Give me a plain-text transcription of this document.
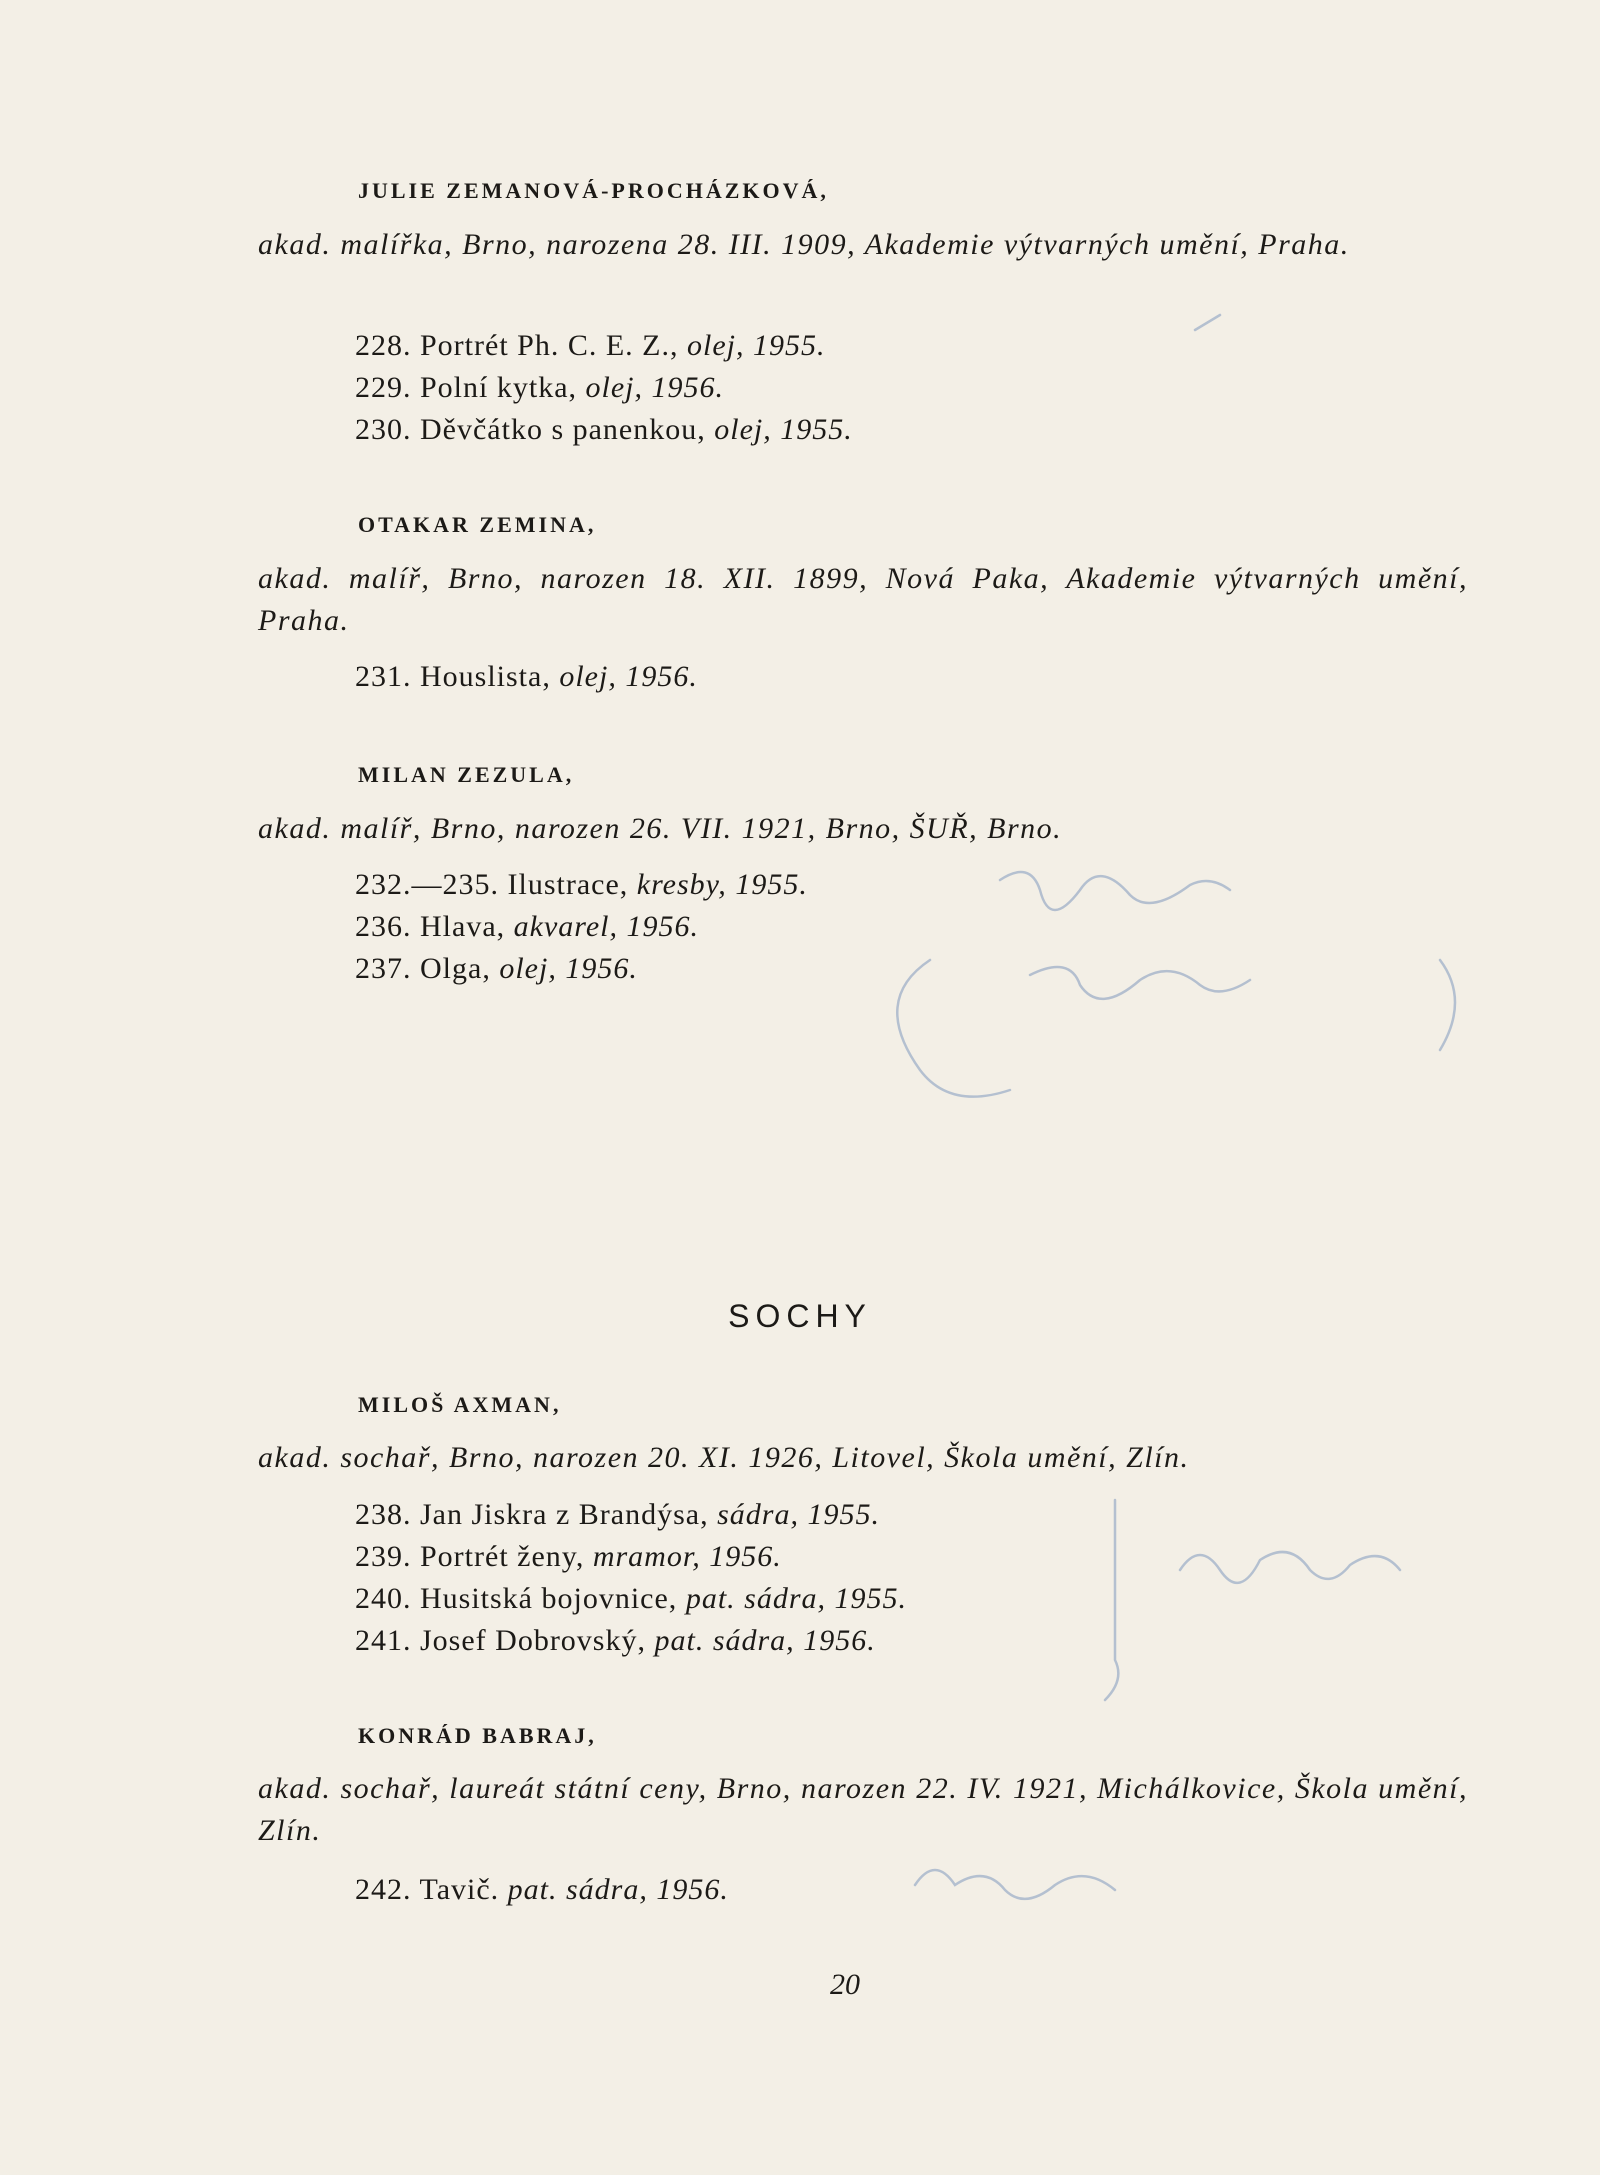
JULIE ZEMANOVÁ-PROCHÁZKOVÁ,
akad. malířka, Brno, narozena 28. III. 1909, Akademie výtvarných umění, Praha.
228. Portrét Ph. C. E. Z., olej, 1955.
229. Polní kytka, olej, 1956.
230. Děvčátko s panenkou, olej, 1955.
OTAKAR ZEMINA,
akad. malíř, Brno, narozen 18. XII. 1899, Nová Paka, Akademie výtvarných umění, Praha.
231. Houslista, olej, 1956.
MILAN ZEZULA,
akad. malíř, Brno, narozen 26. VII. 1921, Brno, ŠUŘ, Brno.
232.—235. Ilustrace, kresby, 1955.
236. Hlava, akvarel, 1956.
237. Olga, olej, 1956.
SOCHY
MILOŠ AXMAN,
akad. sochař, Brno, narozen 20. XI. 1926, Litovel, Škola umění, Zlín.
238. Jan Jiskra z Brandýsa, sádra, 1955.
239. Portrét ženy, mramor, 1956.
240. Husitská bojovnice, pat. sádra, 1955.
241. Josef Dobrovský, pat. sádra, 1956.
KONRÁD BABRAJ,
akad. sochař, laureát státní ceny, Brno, narozen 22. IV. 1921, Michálkovice, Škola umění, Zlín.
242. Tavič. pat. sádra, 1956.
20
